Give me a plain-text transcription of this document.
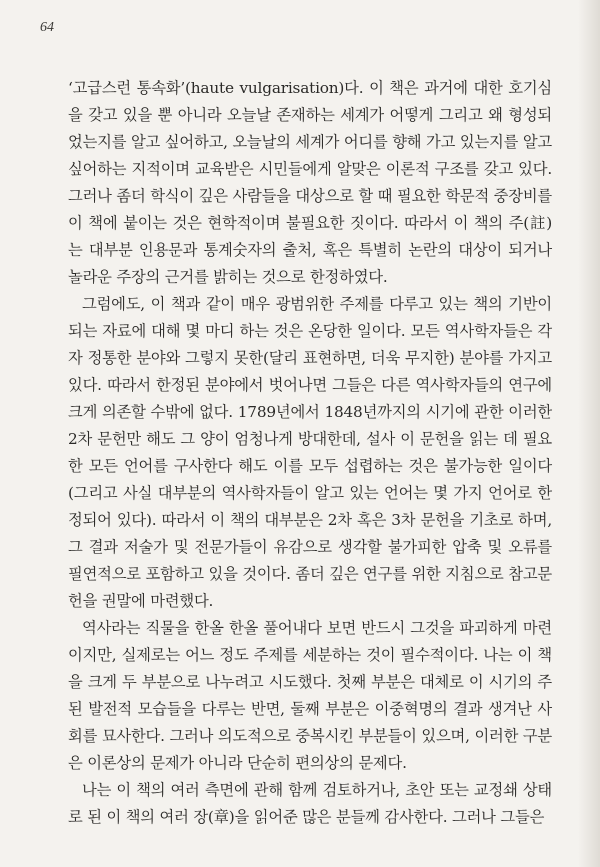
64

‘고급스런 통속화’(haute vulgarisation)다. 이 책은 과거에 대한 호기심을 갖고 있을 뿐 아니라 오늘날 존재하는 세계가 어떻게 그리고 왜 형성되었는지를 알고 싶어하고, 오늘날의 세계가 어디를 향해 가고 있는지를 알고 싶어하는 지적이며 교육받은 시민들에게 알맞은 이론적 구조를 갖고 있다. 그러나 좀더 학식이 깊은 사람들을 대상으로 할 때 필요한 학문적 중장비를 이 책에 붙이는 것은 현학적이며 불필요한 짓이다. 따라서 이 책의 주(註)는 대부분 인용문과 통계숫자의 출처, 혹은 특별히 논란의 대상이 되거나 놀라운 주장의 근거를 밝히는 것으로 한정하였다.

그럼에도, 이 책과 같이 매우 광범위한 주제를 다루고 있는 책의 기반이 되는 자료에 대해 몇 마디 하는 것은 온당한 일이다. 모든 역사학자들은 각자 정통한 분야와 그렇지 못한(달리 표현하면, 더욱 무지한) 분야를 가지고 있다. 따라서 한정된 분야에서 벗어나면 그들은 다른 역사학자들의 연구에 크게 의존할 수밖에 없다. 1789년에서 1848년까지의 시기에 관한 이러한 2차 문헌만 해도 그 양이 엄청나게 방대한데, 설사 이 문헌을 읽는 데 필요한 모든 언어를 구사한다 해도 이를 모두 섭렵하는 것은 불가능한 일이다(그리고 사실 대부분의 역사학자들이 알고 있는 언어는 몇 가지 언어로 한정되어 있다). 따라서 이 책의 대부분은 2차 혹은 3차 문헌을 기초로 하며, 그 결과 저술가 및 전문가들이 유감으로 생각할 불가피한 압축 및 오류를 필연적으로 포함하고 있을 것이다. 좀더 깊은 연구를 위한 지침으로 참고문헌을 권말에 마련했다.

역사라는 직물을 한올 한올 풀어내다 보면 반드시 그것을 파괴하게 마련이지만, 실제로는 어느 정도 주제를 세분하는 것이 필수적이다. 나는 이 책을 크게 두 부분으로 나누려고 시도했다. 첫째 부분은 대체로 이 시기의 주된 발전적 모습들을 다루는 반면, 둘째 부분은 이중혁명의 결과 생겨난 사회를 묘사한다. 그러나 의도적으로 중복시킨 부분들이 있으며, 이러한 구분은 이론상의 문제가 아니라 단순히 편의상의 문제다.

나는 이 책의 여러 측면에 관해 함께 검토하거나, 초안 또는 교정쇄 상태로 된 이 책의 여러 장(章)을 읽어준 많은 분들께 감사한다. 그러나 그들은
